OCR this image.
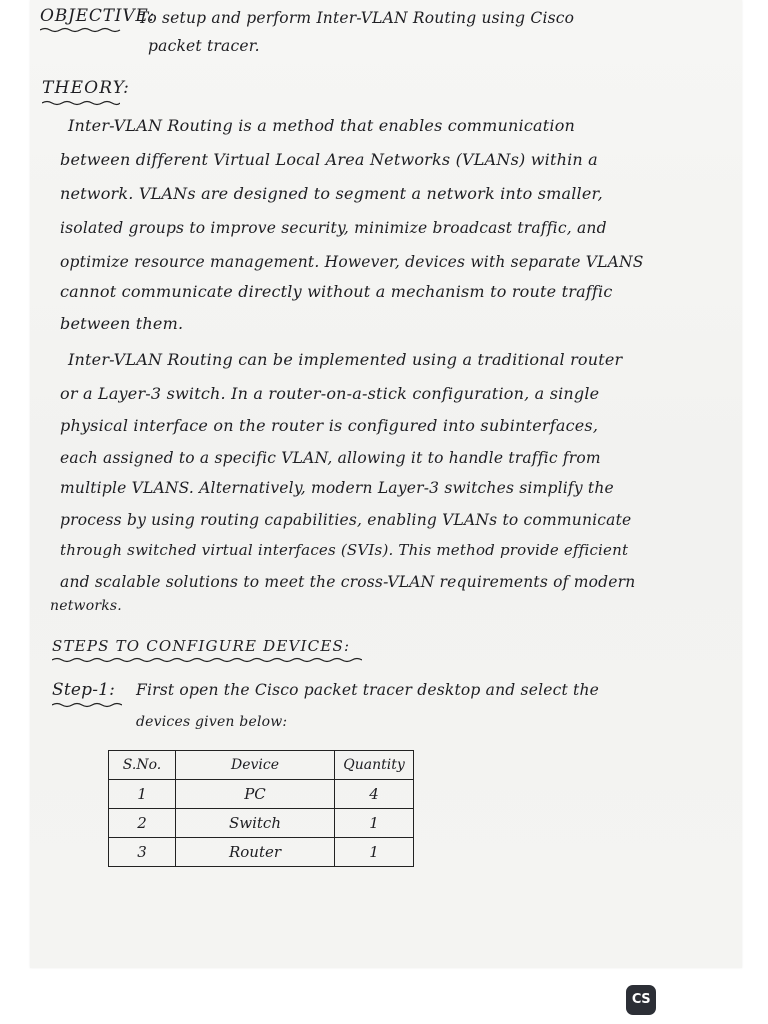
OBJECTIVE:
To setup and perform Inter-VLAN Routing using Cisco
packet tracer.
THEORY:
Inter-VLAN Routing is a method that enables communication
between different Virtual Local Area Networks (VLANs) within a
network. VLANs are designed to segment a network into smaller,
isolated groups to improve security, minimize broadcast traffic, and
optimize resource management. However, devices with separate VLANS
cannot communicate directly without a mechanism to route traffic
between them.
Inter-VLAN Routing can be implemented using a traditional router
or a Layer-3 switch. In a router-on-a-stick configuration, a single
physical interface on the router is configured into subinterfaces,
each assigned to a specific VLAN, allowing it to handle traffic from
multiple VLANS. Alternatively, modern Layer-3 switches simplify the
process by using routing capabilities, enabling VLANs to communicate
through switched virtual interfaces (SVIs). This method provide efficient
and scalable solutions to meet the cross-VLAN requirements of modern
networks.
STEPS TO CONFIGURE DEVICES:
Step-1: First open the Cisco packet tracer desktop and select the
devices given below:
S.No.	Device	Quantity
1	PC	4
2	Switch	1
3	Router	1
CS
